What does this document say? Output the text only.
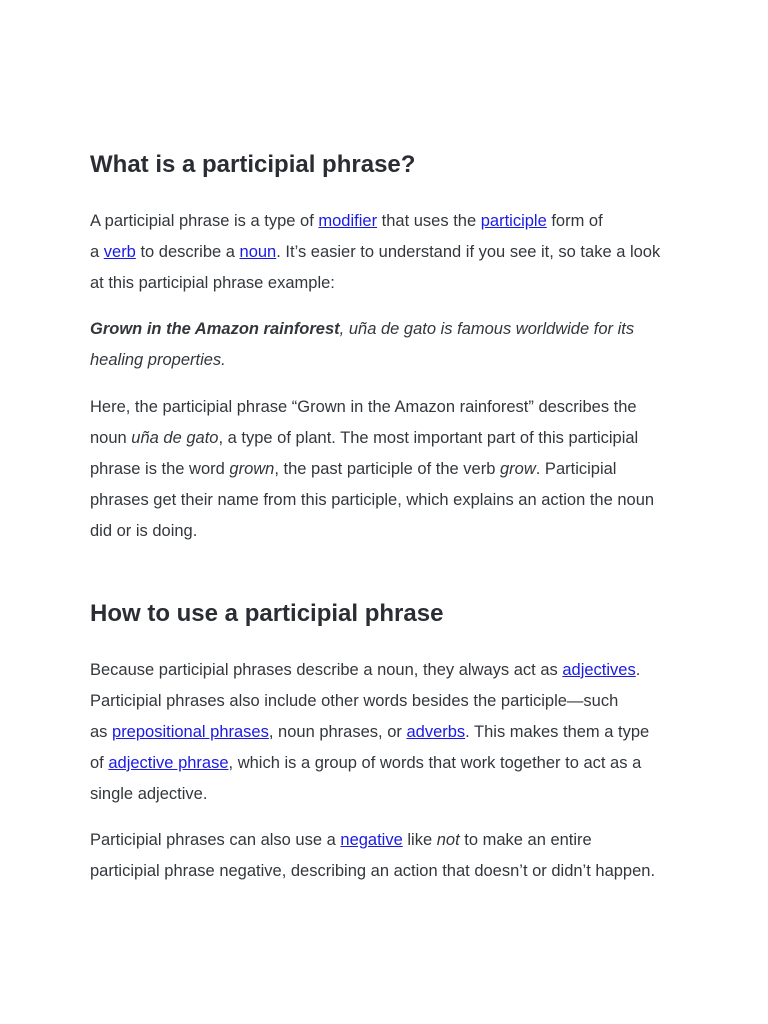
What is a participial phrase?

A participial phrase is a type of modifier that uses the participle form of
a verb to describe a noun. It’s easier to understand if you see it, so take a look
at this participial phrase example:

Grown in the Amazon rainforest, uña de gato is famous worldwide for its
healing properties.

Here, the participial phrase “Grown in the Amazon rainforest” describes the
noun uña de gato, a type of plant. The most important part of this participial
phrase is the word grown, the past participle of the verb grow. Participial
phrases get their name from this participle, which explains an action the noun
did or is doing.

How to use a participial phrase

Because participial phrases describe a noun, they always act as adjectives.
Participial phrases also include other words besides the participle—such
as prepositional phrases, noun phrases, or adverbs. This makes them a type
of adjective phrase, which is a group of words that work together to act as a
single adjective.

Participial phrases can also use a negative like not to make an entire
participial phrase negative, describing an action that doesn’t or didn’t happen.
